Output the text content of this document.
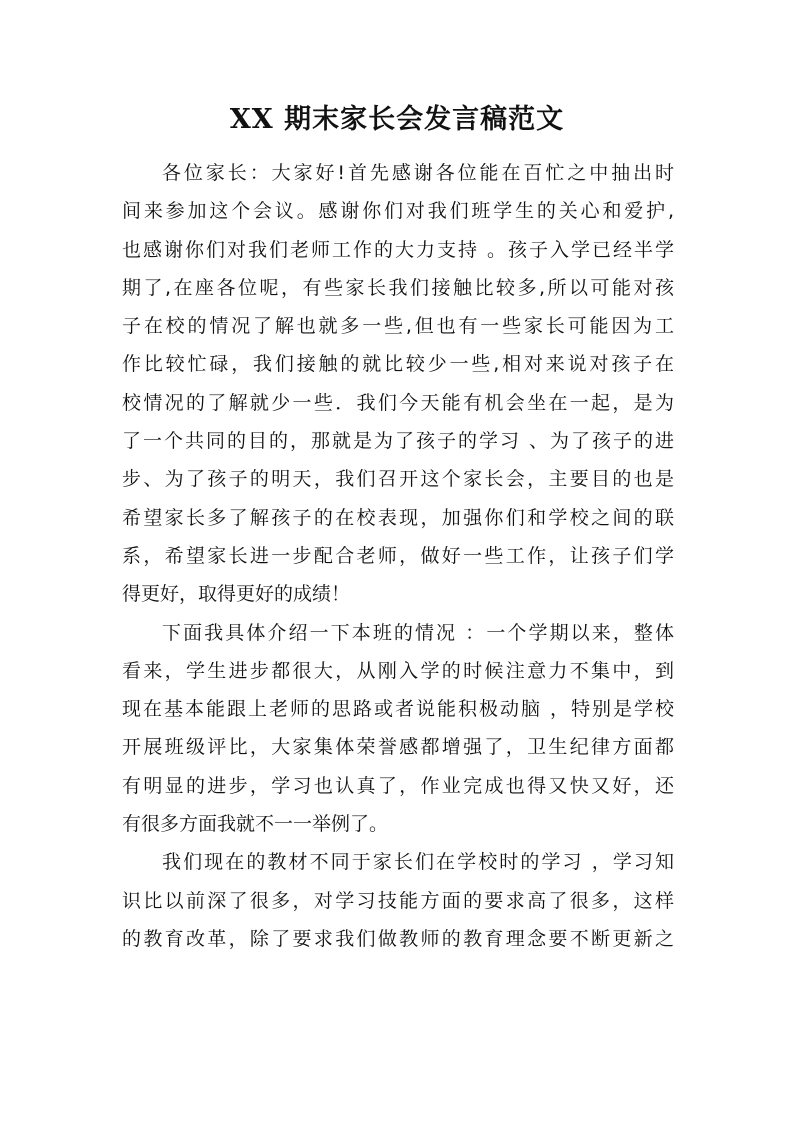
XX 期末家长会发言稿范文
各位家长：大家好!首先感谢各位能在百忙之中抽出时
间来参加这个会议。感谢你们对我们班学生的关心和爱护,
也感谢你们对我们老师工作的大力支持 。孩子入学已经半学
期了,在座各位呢，有些家长我们接触比较多,所以可能对孩
子在校的情况了解也就多一些,但也有一些家长可能因为工
作比较忙碌，我们接触的就比较少一些,相对来说对孩子在
校情况的了解就少一些．我们今天能有机会坐在一起，是为
了一个共同的目的，那就是为了孩子的学习 、为了孩子的进
步、为了孩子的明天，我们召开这个家长会，主要目的也是
希望家长多了解孩子的在校表现，加强你们和学校之间的联
系，希望家长进一步配合老师，做好一些工作，让孩子们学
得更好，取得更好的成绩！
下面我具体介绍一下本班的情况 ：一个学期以来，整体
看来，学生进步都很大，从刚入学的时候注意力不集中，到
现在基本能跟上老师的思路或者说能积极动脑 ，特别是学校
开展班级评比，大家集体荣誉感都增强了，卫生纪律方面都
有明显的进步，学习也认真了，作业完成也得又快又好，还
有很多方面我就不一一举例了。
我们现在的教材不同于家长们在学校时的学习 ，学习知
识比以前深了很多，对学习技能方面的要求高了很多，这样
的教育改革，除了要求我们做教师的教育理念要不断更新之
